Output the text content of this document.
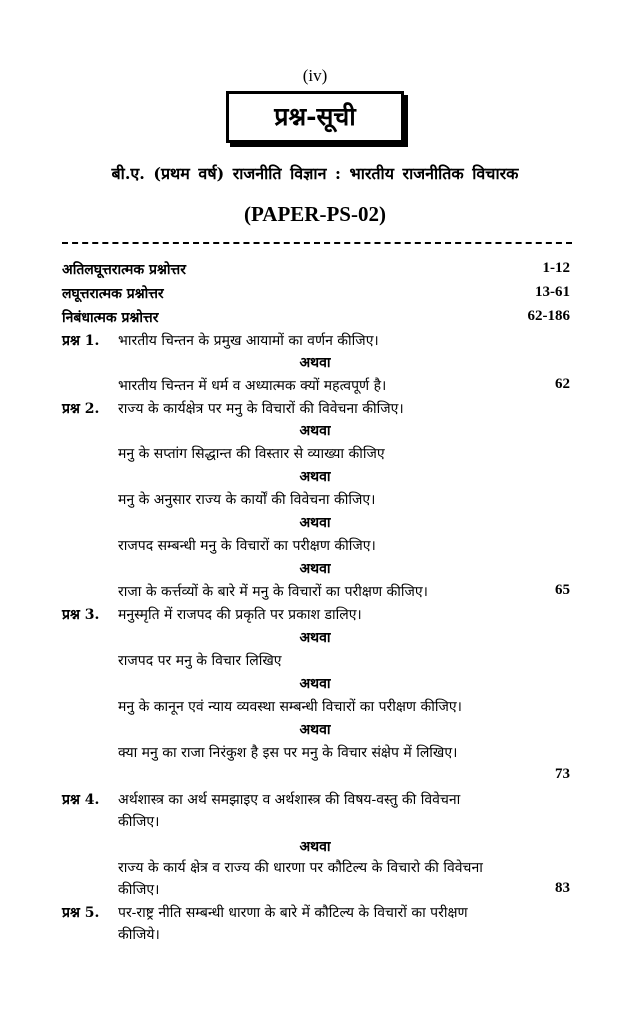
(iv)
प्रश्न-सूची
बी.ए. (प्रथम वर्ष) राजनीति विज्ञान : भारतीय राजनीतिक विचारक
(PAPER-PS-02)
अतिलघूत्तरात्मक प्रश्नोत्तर	1-12
लघूत्तरात्मक प्रश्नोत्तर	13-61
निबंधात्मक प्रश्नोत्तर	62-186
प्रश्न 1. भारतीय चिन्तन के प्रमुख आयामों का वर्णन कीजिए।
अथवा
भारतीय चिन्तन में धर्म व अध्यात्मक क्यों महत्वपूर्ण है।	62
प्रश्न 2. राज्य के कार्यक्षेत्र पर मनु के विचारों की विवेचना कीजिए।
अथवा
मनु के सप्तांग सिद्धान्त की विस्तार से व्याख्या कीजिए
अथवा
मनु के अनुसार राज्य के कार्यों की विवेचना कीजिए।
अथवा
राजपद सम्बन्धी मनु के विचारों का परीक्षण कीजिए।
अथवा
राजा के कर्त्तव्यों के बारे में मनु के विचारों का परीक्षण कीजिए।	65
प्रश्न 3. मनुस्मृति में राजपद की प्रकृति पर प्रकाश डालिए।
अथवा
राजपद पर मनु के विचार लिखिए
अथवा
मनु के कानून एवं न्याय व्यवस्था सम्बन्धी विचारों का परीक्षण कीजिए।
अथवा
क्या मनु का राजा निरंकुश है इस पर मनु के विचार संक्षेप में लिखिए।
73
प्रश्न 4. अर्थशास्त्र का अर्थ समझाइए व अर्थशास्त्र की विषय-वस्तु की विवेचना
कीजिए।
अथवा
राज्य के कार्य क्षेत्र व राज्य की धारणा पर कौटिल्य के विचारो की विवेचना
कीजिए।	83
प्रश्न 5. पर-राष्ट्र नीति सम्बन्धी धारणा के बारे में कौटिल्य के विचारों का परीक्षण
कीजिये।
